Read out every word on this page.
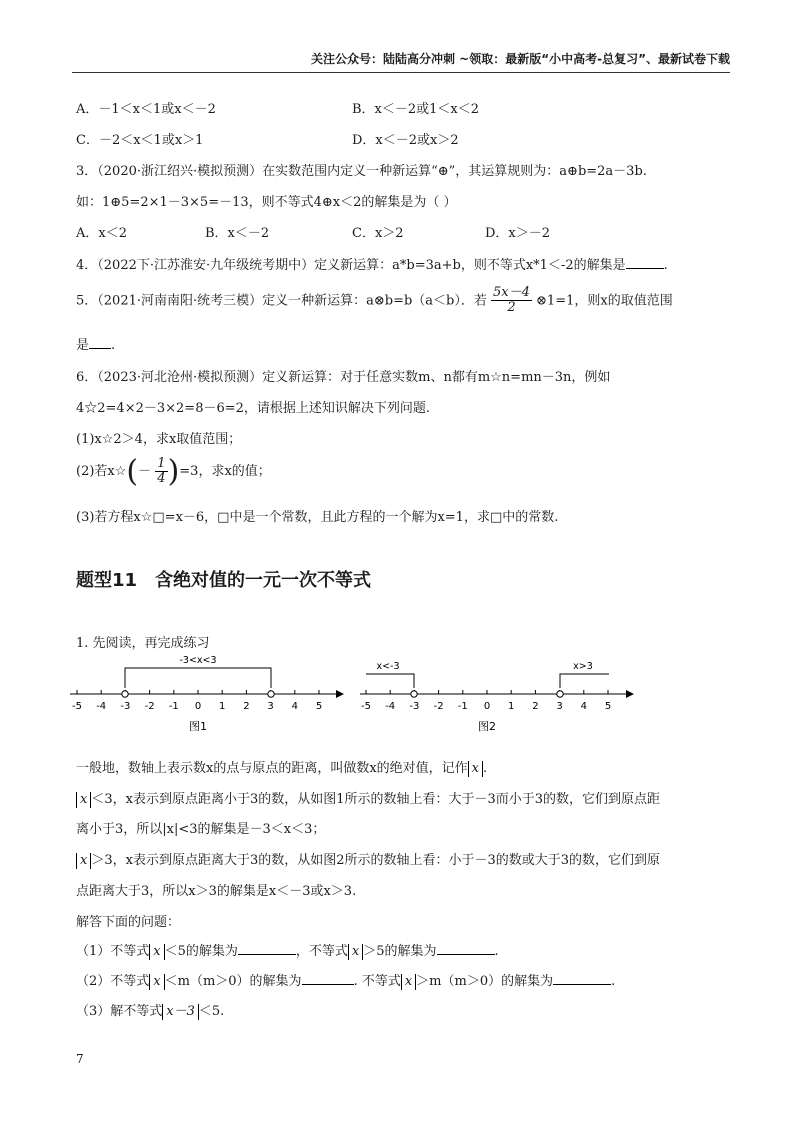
关注公众号：陆陆高分冲刺 ~领取：最新版“小中高考-总复习”、最新试卷下载
A．－1＜x＜1或x＜－2	B．x＜－2或1＜x＜2
C．－2＜x＜1或x＞1	D．x＜－2或x＞2
3．（2020·浙江绍兴·模拟预测）在实数范围内定义一种新运算“⊕”，其运算规则为：a⊕b=2a－3b.
如：1⊕5=2×1－3×5=－13，则不等式4⊕x＜2的解集是为（ ）
A．x＜2	B．x＜－2	C．x＞2	D．x＞－2
4．（2022下·江苏淮安·九年级统考期中）定义新运算：a*b=3a+b，则不等式x*1＜-2的解集是	.
5．（2021·河南南阳·统考三模）定义一种新运算：a⊗b=b（a＜b）．若 $\frac{5x-4}{2}$ ⊗1=1，则x的取值范围
是 .
6．（2023·河北沧州·模拟预测）定义新运算：对于任意实数m、n都有m☆n=mn－3n，例如
4☆2=4×2－3×2=8－6=2，请根据上述知识解决下列问题.
(1)x☆2＞4，求x取值范围；
(2)若x☆(－ $\frac{1}{4} )=3$，求x的值；
(3)若方程x☆□=x－6，□中是一个常数，且此方程的一个解为x=1，求□中的常数.
题型11　含绝对值的一元一次不等式
1. 先阅读，再完成练习
-5 -4 -3 -2 -1 0 1 2 3 4 5
-3<x<3
图1
-5 -4 -3 -2 -1 0 1 2 3 4 5
x<-3	x>3
图2
一般地，数轴上表示数x的点与原点的距离，叫做数x的绝对值，记作 x .
x ＜3，x表示到原点距离小于3的数，从如图1所示的数轴上看：大于－3而小于3的数，它们到原点距
离小于3，所以|x|<3的解集是－3＜x＜3；
x ＞3，x表示到原点距离大于3的数，从如图2所示的数轴上看：小于－3的数或大于3的数，它们到原
点距离大于3，所以x＞3的解集是x＜－3或x＞3.
解答下面的问题：
（1）不等式 x ＜5的解集为	，不等式 x ＞5的解集为	.
（2）不等式 x ＜m（m＞0）的解集为	. 不等式 x ＞m（m＞0）的解集为	.
（3）解不等式 x－3 ＜5.
7
